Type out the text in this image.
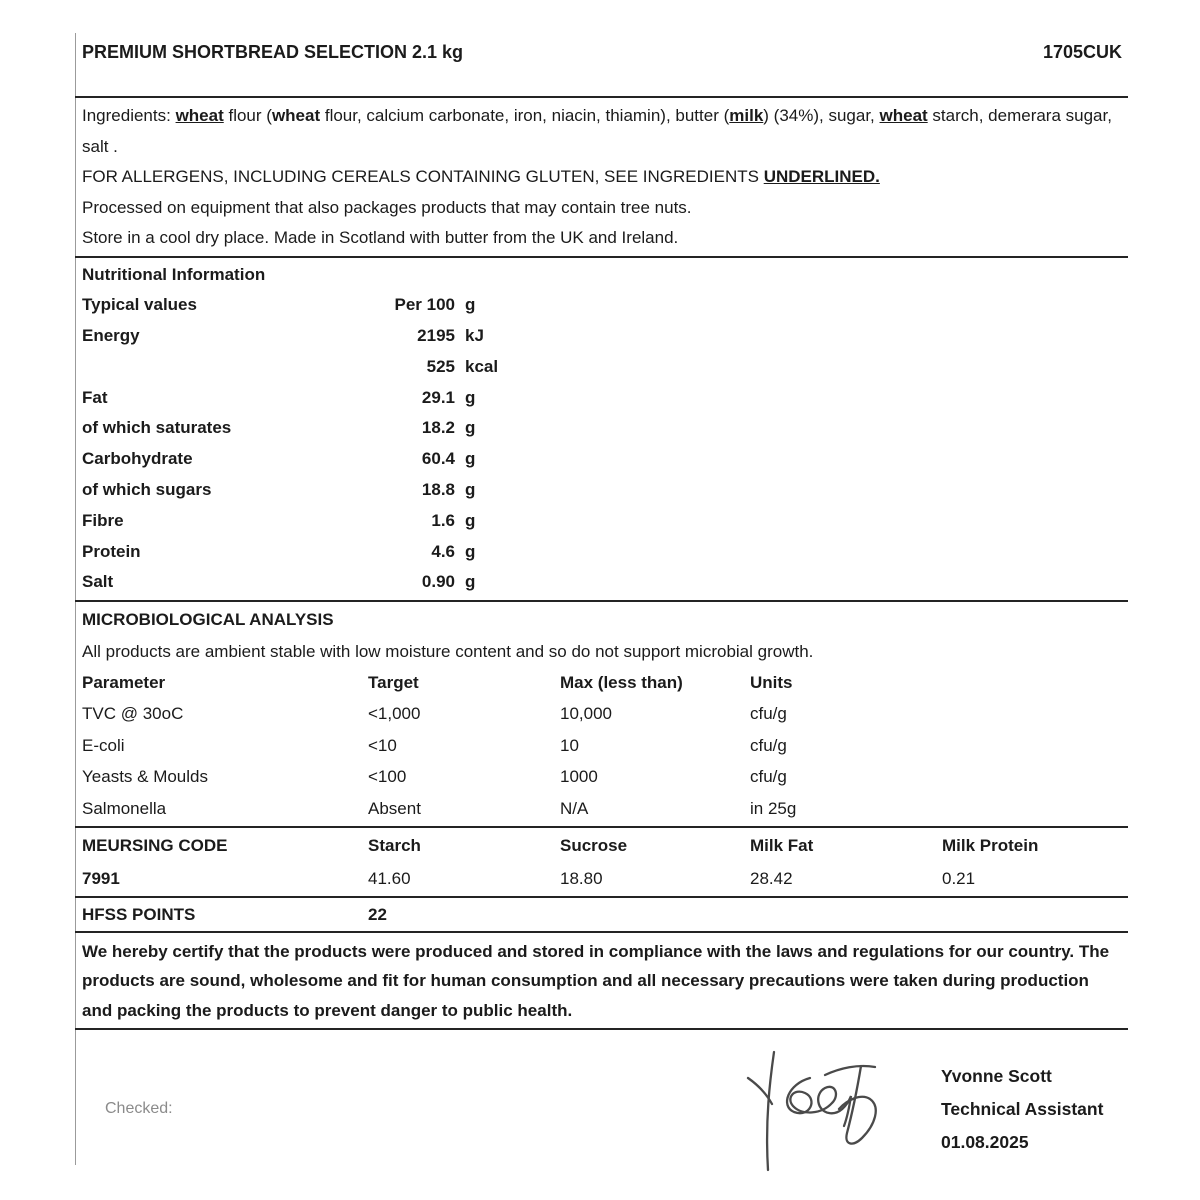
PREMIUM SHORTBREAD SELECTION 2.1 kg	1705CUK
Ingredients: wheat flour (wheat flour, calcium carbonate, iron, niacin, thiamin), butter (milk) (34%), sugar, wheat starch, demerara sugar, salt .
FOR ALLERGENS, INCLUDING CEREALS CONTAINING GLUTEN, SEE INGREDIENTS UNDERLINED.
Processed on equipment that also packages products that may contain tree nuts.
Store in a cool dry place. Made in Scotland with butter from the UK and Ireland.
Nutritional Information
Typical values	Per 100 g
Energy	2195 kJ
525 kcal
Fat	29.1 g
of which saturates	18.2 g
Carbohydrate	60.4 g
of which sugars	18.8 g
Fibre	1.6 g
Protein	4.6 g
Salt	0.90 g
MICROBIOLOGICAL ANALYSIS
All products are ambient stable with low moisture content and so do not support microbial growth.
Parameter	Target	Max (less than)	Units
TVC @ 30oC	<1,000	10,000	cfu/g
E-coli	<10	10	cfu/g
Yeasts & Moulds	<100	1000	cfu/g
Salmonella	Absent	N/A	in 25g
MEURSING CODE	Starch	Sucrose	Milk Fat	Milk Protein
7991	41.60	18.80	28.42	0.21
HFSS POINTS	22
We hereby certify that the products were produced and stored in compliance with the laws and regulations for our country. The products are sound, wholesome and fit for human consumption and all necessary precautions were taken during production and packing the products to prevent danger to public health.
Checked:
Yvonne Scott
Technical Assistant
01.08.2025
